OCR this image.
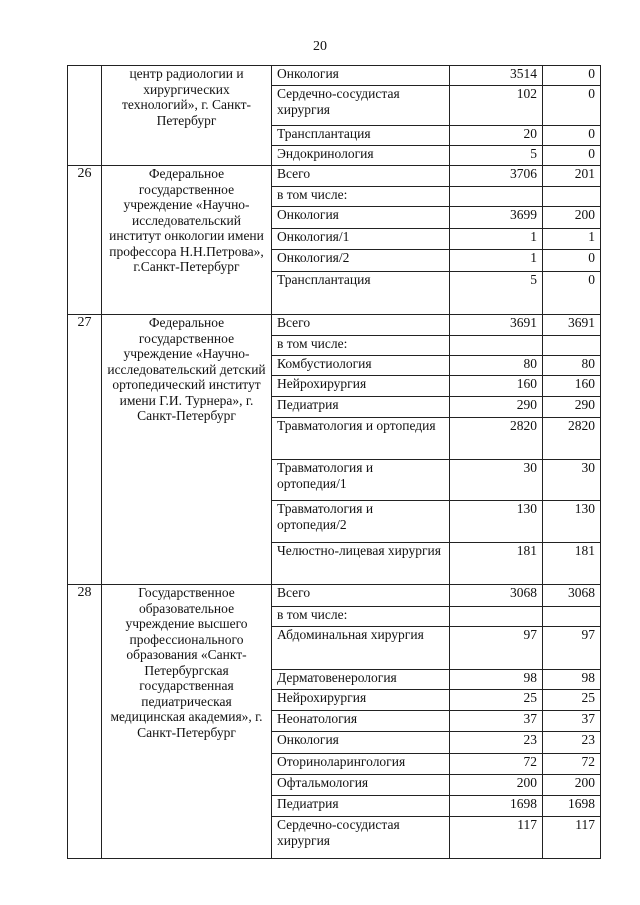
20
	центр радиологии и хирургических технологий», г. Санкт-Петербург	Онкология	3514	0
		Сердечно-сосудистая хирургия	102	0
		Трансплантация	20	0
		Эндокринология	5	0
26	Федеральное государственное учреждение «Научно-исследовательский институт онкологии имени профессора Н.Н.Петрова», г.Санкт-Петербург	Всего	3706	201
		в том числе:		
		Онкология	3699	200
		Онкология/1	1	1
		Онкология/2	1	0
		Трансплантация	5	0
27	Федеральное государственное учреждение «Научно-исследовательский детский ортопедический институт имени Г.И. Турнера», г. Санкт-Петербург	Всего	3691	3691
		в том числе:		
		Комбустиология	80	80
		Нейрохирургия	160	160
		Педиатрия	290	290
		Травматология и ортопедия	2820	2820
		Травматология и ортопедия/1	30	30
		Травматология и ортопедия/2	130	130
		Челюстно-лицевая хирургия	181	181
28	Государственное образовательное учреждение высшего профессионального образования «Санкт-Петербургская государственная педиатрическая медицинская академия», г. Санкт-Петербург	Всего	3068	3068
		в том числе:		
		Абдоминальная хирургия	97	97
		Дерматовенерология	98	98
		Нейрохирургия	25	25
		Неонатология	37	37
		Онкология	23	23
		Оториноларингология	72	72
		Офтальмология	200	200
		Педиатрия	1698	1698
		Сердечно-сосудистая хирургия	117	117
